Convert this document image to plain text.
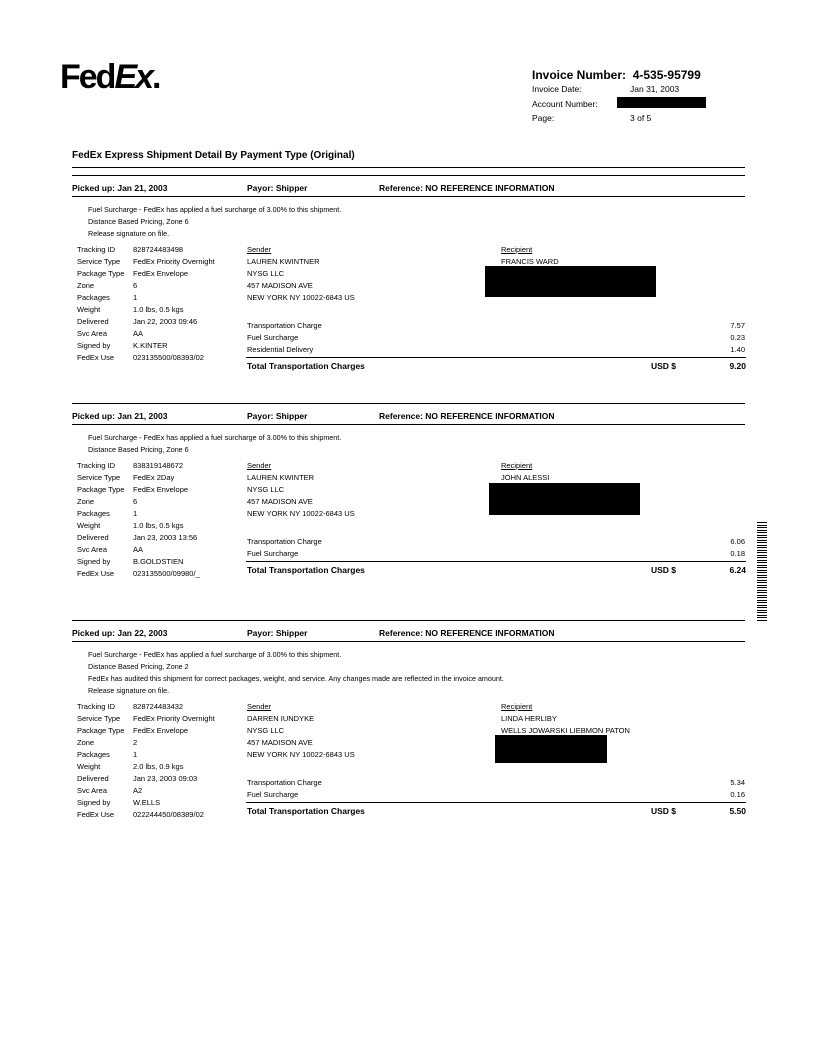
FedEx.	Invoice Number: 4-535-95799
Invoice Date:	Jan 31, 2003
Account Number:
Page:	3 of 5
FedEx Express Shipment Detail By Payment Type (Original)
Picked up: Jan 21, 2003	Payor: Shipper	Reference: NO REFERENCE INFORMATION
Fuel Surcharge - FedEx has applied a fuel surcharge of 3.00% to this shipment.
Distance Based Pricing, Zone 6
Release signature on file.
Tracking ID 828724483498
Service Type FedEx Priority Overnight
Package Type FedEx Envelope
Zone	6
Packages	1
Weight	1.0 lbs, 0.5 kgs
Delivered	Jan 22, 2003 09:46
Svc Area	AA
Signed by	K.KINTER
FedEx Use	023135500/08393/02
Sender
LAUREN KWINTNER
NYSG LLC
457 MADISON AVE
NEW YORK NY 10022-6843 US
Recipient
FRANCIS WARD
Transportation Charge	7.57
Fuel Surcharge	0.23
Residential Delivery	1.40
Total Transportation Charges	USD $	9.20
Picked up: Jan 21, 2003	Payor: Shipper	Reference: NO REFERENCE INFORMATION
Fuel Surcharge - FedEx has applied a fuel surcharge of 3.00% to this shipment.
Distance Based Pricing, Zone 6
Tracking ID 838319148672
Service Type FedEx 2Day
Package Type FedEx Envelope
Zone	6
Packages	1
Weight	1.0 lbs, 0.5 kgs
Delivered	Jan 23, 2003 13:56
Svc Area	AA
Signed by	B.GOLDSTIEN
FedEx Use	023135500/09980/_
Sender
LAUREN KWINTER
NYSG LLC
457 MADISON AVE
NEW YORK NY 10022-6843 US
Recipient
JOHN ALESSI
Transportation Charge	6.06
Fuel Surcharge	0.18
Total Transportation Charges	USD $	6.24
Picked up: Jan 22, 2003	Payor: Shipper	Reference: NO REFERENCE INFORMATION
Fuel Surcharge - FedEx has applied a fuel surcharge of 3.00% to this shipment.
Distance Based Pricing, Zone 2
FedEx has audited this shipment for correct packages, weight, and service. Any changes made are reflected in the invoice amount.
Release signature on file.
Tracking ID 828724483432
Service Type FedEx Priority Overnight
Package Type FedEx Envelope
Zone	2
Packages	1
Weight	2.0 lbs, 0.9 kgs
Delivered	Jan 23, 2003 09:03
Svc Area	A2
Signed by	W.ELLS
FedEx Use	022244450/08389/02
Sender
DARREN IUNDYKE
NYSG LLC
457 MADISON AVE
NEW YORK NY 10022-6843 US
Recipient
LINDA HERLIBY
WELLS JOWARSKI LIEBMON PATON
Transportation Charge	5.34
Fuel Surcharge	0.16
Total Transportation Charges	USD $	5.50
